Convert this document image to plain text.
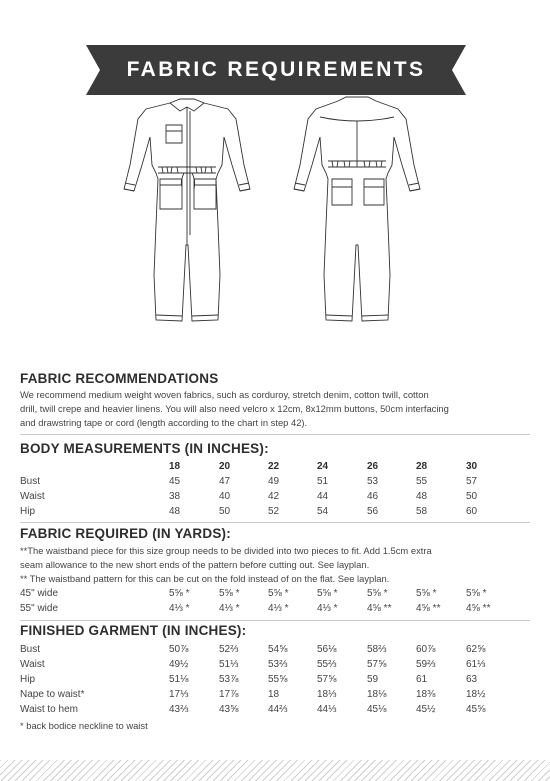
FABRIC REQUIREMENTS
FABRIC RECOMMENDATIONS
We recommend medium weight woven fabrics, such as corduroy, stretch denim, cotton twill, cotton
drill, twill crepe and heavier linens. You will also need velcro x 12cm, 8x12mm buttons, 50cm interfacing
and drawstring tape or cord (length according to the chart in step 42).
BODY MEASUREMENTS (IN INCHES):
18	20	22	24	26	28	30
Bust	45	47	49	51	53	55	57
Waist	38	40	42	44	46	48	50
Hip	48	50	52	54	56	58	60
FABRIC REQUIRED (IN YARDS):
**The waistband piece for this size group needs to be divided into two pieces to fit. Add 1.5cm extra
seam allowance to the new short ends of the pattern before cutting out. See layplan.
** The waistband pattern for this can be cut on the fold instead of on the flat. See layplan.
45" wide	5⅝ *	5⅝ *	5⅝ *	5⅝ *	5⅝ *	5⅝ *	5⅝ *
55" wide	4⅓ *	4⅓ *	4⅓ *	4⅓ *	4⅝ **	4⅝ **	4⅝ **
FINISHED GARMENT (IN INCHES):
Bust	50⅞	52⅔	54⅝	56⅛	58⅔	60⅞	62⅝
Waist	49½	51⅓	53⅔	55⅔	57⅝	59⅔	61⅓
Hip	51⅛	53⅞	55⅝	57⅝	59	61	63
Nape to waist*	17⅓	17⅞	18	18⅓	18⅛	18⅜	18½
Waist to hem	43⅔	43⅝	44⅔	44⅓	45⅛	45½	45⅝
* back bodice neckline to waist
